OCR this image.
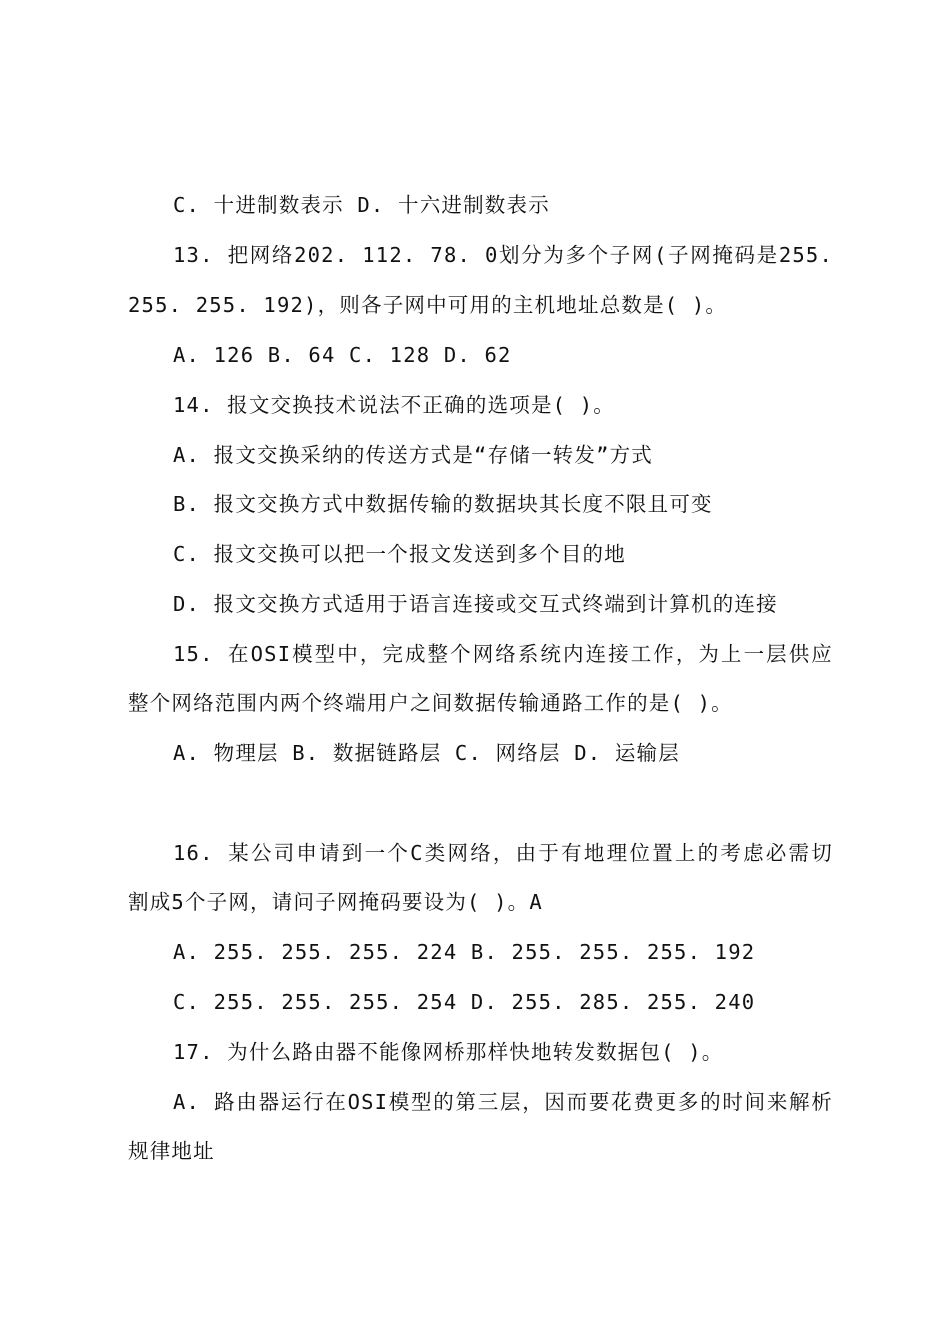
C. 十进制数表示 D. 十六进制数表示
13. 把网络202. 112. 78. 0划分为多个子网(子网掩码是255.
255. 255. 192)，则各子网中可用的主机地址总数是( )。
A. 126 B. 64 C. 128 D. 62
14. 报文交换技术说法不正确的选项是( )。
A. 报文交换采纳的传送方式是“存储一转发”方式
B. 报文交换方式中数据传输的数据块其长度不限且可变
C. 报文交换可以把一个报文发送到多个目的地
D. 报文交换方式适用于语言连接或交互式终端到计算机的连接
15. 在OSI模型中，完成整个网络系统内连接工作，为上一层供应
整个网络范围内两个终端用户之间数据传输通路工作的是( )。
A. 物理层 B. 数据链路层 C. 网络层 D. 运输层
16. 某公司申请到一个C类网络，由于有地理位置上的考虑必需切
割成5个子网，请问子网掩码要设为( )。A
A. 255. 255. 255. 224 B. 255. 255. 255. 192
C. 255. 255. 255. 254 D. 255. 285. 255. 240
17. 为什么路由器不能像网桥那样快地转发数据包( )。
A. 路由器运行在OSI模型的第三层，因而要花费更多的时间来解析
规律地址
